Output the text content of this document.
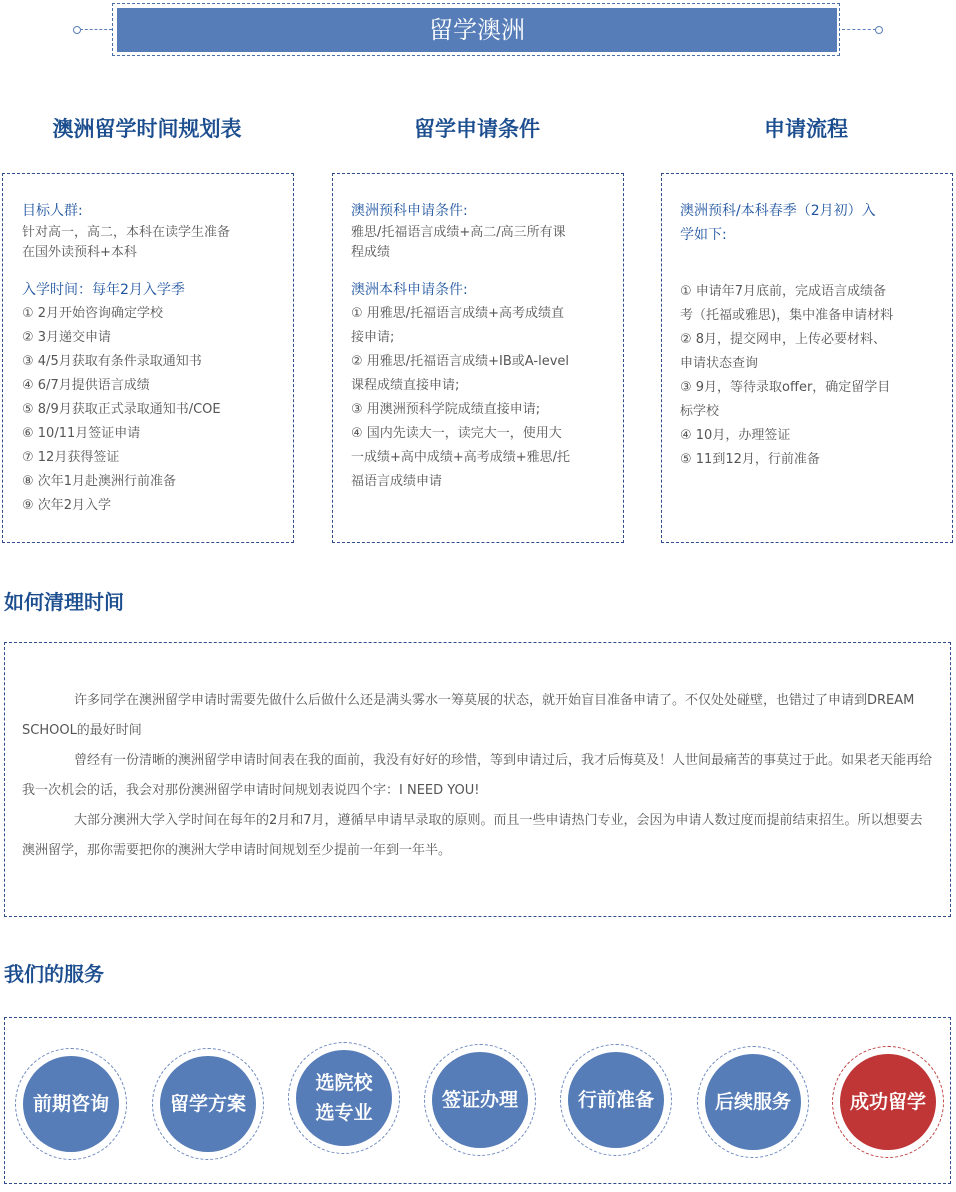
留学澳洲
澳洲留学时间规划表	留学申请条件	申请流程
目标人群:
针对高一，高二，本科在读学生准备
在国外读预科+本科
入学时间：每年2月入学季
① 2月开始咨询确定学校
② 3月递交申请
③ 4/5月获取有条件录取通知书
④ 6/7月提供语言成绩
⑤ 8/9月获取正式录取通知书/COE
⑥ 10/11月签证申请
⑦ 12月获得签证
⑧ 次年1月赴澳洲行前准备
⑨ 次年2月入学
澳洲预科申请条件:
雅思/托福语言成绩+高二/高三所有课
程成绩
澳洲本科申请条件:
① 用雅思/托福语言成绩+高考成绩直
接申请;
② 用雅思/托福语言成绩+IB或A-level
课程成绩直接申请;
③ 用澳洲预科学院成绩直接申请;
④ 国内先读大一，读完大一，使用大
一成绩+高中成绩+高考成绩+雅思/托
福语言成绩申请
澳洲预科/本科春季（2月初）入
学如下:
① 申请年7月底前，完成语言成绩备
考（托福或雅思)，集中准备申请材料
② 8月，提交网申，上传必要材料、
申请状态查询
③ 9月，等待录取offer，确定留学目
标学校
④ 10月，办理签证
⑤ 11到12月，行前准备
如何清理时间

许多同学在澳洲留学申请时需要先做什么后做什么还是满头雾水一筹莫展的状态，就开始盲目准备申请了。不仅处处碰壁，也错过了申请到DREAM SCHOOL的最好时间

曾经有一份清晰的澳洲留学申请时间表在我的面前，我没有好好的珍惜，等到申请过后，我才后悔莫及！人世间最痛苦的事莫过于此。如果老天能再给我一次机会的话，我会对那份澳洲留学申请时间规划表说四个字：I NEED YOU!

大部分澳洲大学入学时间在每年的2月和7月，遵循早申请早录取的原则。而且一些申请热门专业，会因为申请人数过度而提前结束招生。所以想要去澳洲留学，那你需要把你的澳洲大学申请时间规划至少提前一年到一年半。

我们的服务
前期咨询	留学方案
选院校
选专业
签证办理	行前准备	后续服务	成功留学
